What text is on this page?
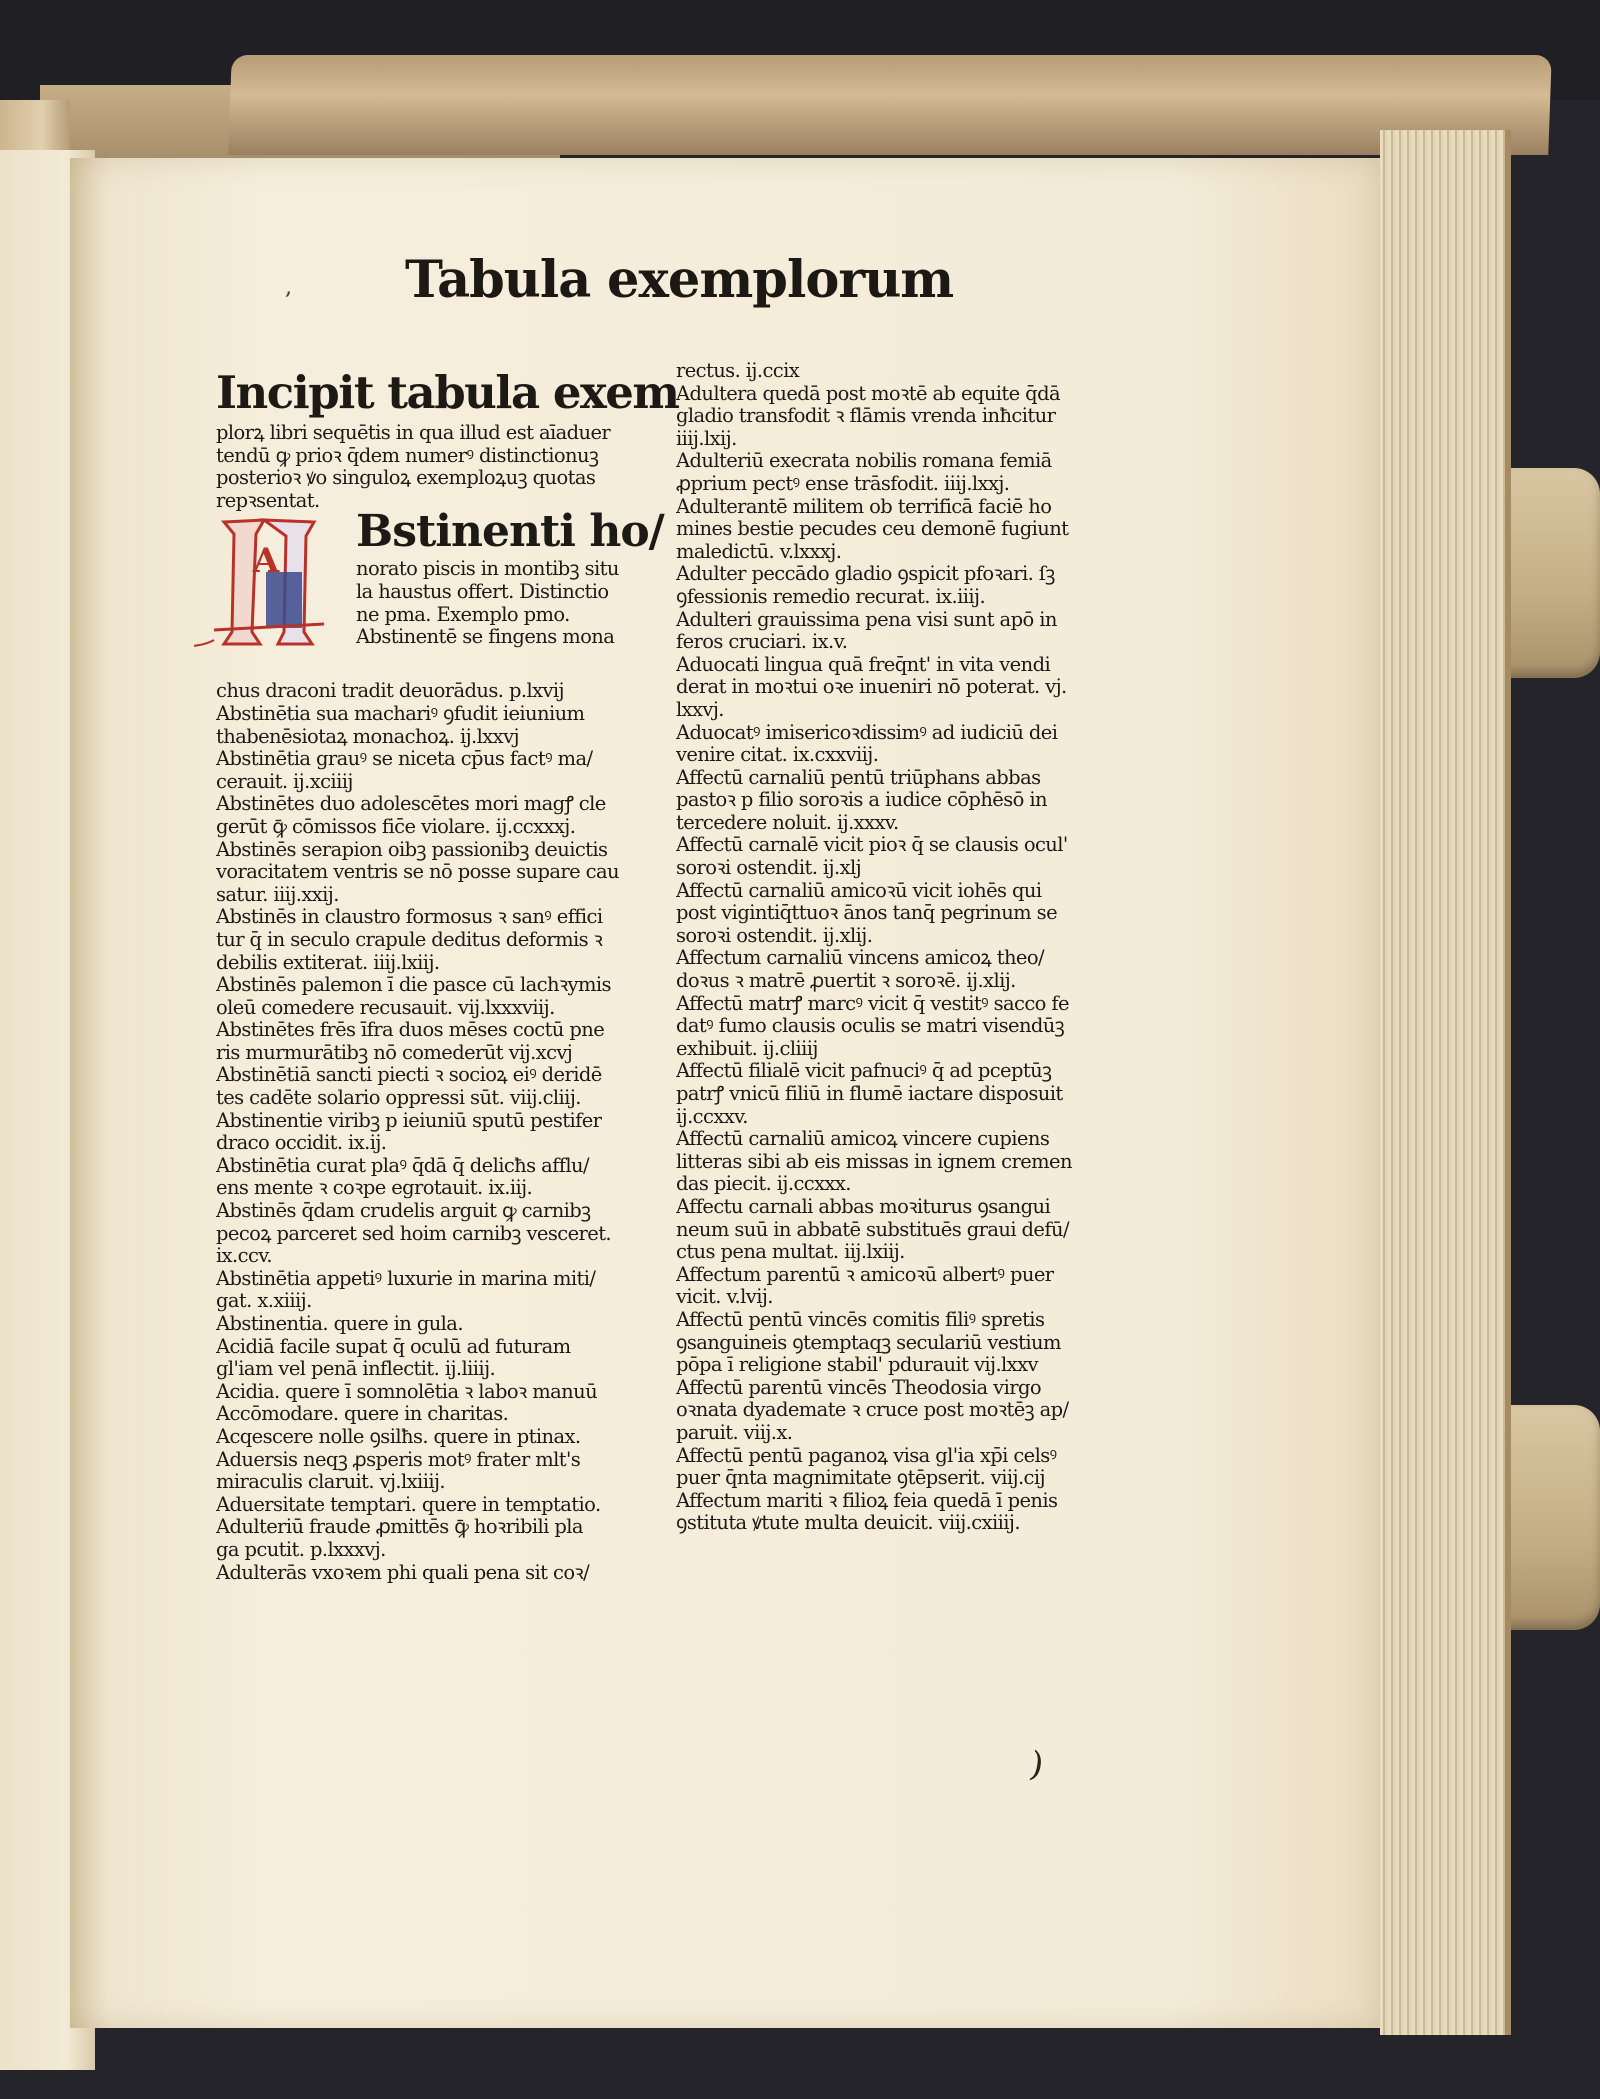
, Tabula exemplorum
Incipit tabula exem
plorꝝ libri sequētis in qua illud est aīaduer
tendū ꝙ prioꝛ q̄dem numerꝰ distinctionuꝫ
posterioꝛ ꝟo singuloꝝ exemploꝝuꝫ quotas
repꝛsentat.
A
Bstinenti ho/
norato piscis in montibꝫ situ
la haustus offert. Distinctio
ne pma. Exemplo pmo.
Abstinentē se fingens mona
chus draconi tradit deuorādus. p.lxvij
Abstinētia sua machariꝰ ꝯfudit ieiunium
thabenēsiotaꝝ monachoꝝ. ij.lxxvj
Abstinētia grauꝰ se niceta cp̄us factꝰ ma/
cerauit. ij.xciiij
Abstinētes duo adolescētes mori magꝭ cle
gerūt ꝙ̄ cōmissos fic̄e violare. ij.ccxxxj.
Abstinēs serapion oibꝫ passionibꝫ deuictis
voracitatem ventris se nō posse supare cau
satur. iiij.xxij.
Abstinēs in claustro formosus ꝛ sanꝰ effici
tur q̄ in seculo crapule deditus deformis ꝛ
debilis extiterat. iiij.lxiij.
Abstinēs palemon ī die pasce cū lachꝛymis
oleū comedere recusauit. vij.lxxxviij.
Abstinētes frēs īfra duos mēses coctū pne
ris murmurātibꝫ nō comederūt vij.xcvj
Abstinētiā sancti piecti ꝛ socioꝝ eiꝰ deridē
tes cadēte solario oppressi sūt. viij.cliij.
Abstinentie viribꝫ p ieiuniū sputū pestifer
draco occidit. ix.ij.
Abstinētia curat plaꝰ q̄dā q̄ delicħs afflu/
ens mente ꝛ coꝛpe egrotauit. ix.iij.
Abstinēs q̄dam crudelis arguit ꝙ carnibꝫ
pecoꝝ parceret sed hoim carnibꝫ vesceret.
ix.ccv.
Abstinētia appetiꝰ luxurie in marina miti/
gat. x.xiiij.
Abstinentia. quere in gula.
Acidiā facile supat q̄ oculū ad futuram
gl'iam vel penā inflectit. ij.liiij.
Acidia. quere ī somnolētia ꝛ laboꝛ manuū
Accōmodare. quere in charitas.
Acqescere nolle ꝯsilħs. quere in ptinax.
Aduersis neqꝫ ꝓsperis motꝰ frater mlt's
miraculis claruit. vj.lxiiij.
Aduersitate temptari. quere in temptatio.
Adulteriū fraude ꝓmittēs ꝙ̄ hoꝛribili pla
ga pcutit. p.lxxxvj.
Adulterās vxoꝛem phi quali pena sit coꝛ/
rectus. ij.ccix
Adultera quedā post moꝛtē ab equite q̄dā
gladio transfodit ꝛ flāmis vrenda inħcitur
iiij.lxij.
Adulteriū execrata nobilis romana femiā
ꝓprium pectꝰ ense trāsfodit. iiij.lxxj.
Adulterantē militem ob terrificā faciē ho
mines bestie pecudes ceu demonē fugiunt
maledictū. v.lxxxj.
Adulter peccādo gladio ꝯspicit pfoꝛari. ſꝫ
ꝯfessionis remedio recurat. ix.iiij.
Adulteri grauissima pena visi sunt apō in
feros cruciari. ix.v.
Aduocati lingua quā freq̄nt' in vita vendi
derat in moꝛtui oꝛe inueniri nō poterat. vj.
lxxvj.
Aduocatꝰ imisericoꝛdissimꝰ ad iudiciū dei
venire citat. ix.cxxviij.
Affectū carnaliū pentū triūphans abbas
pastoꝛ p filio soroꝛis a iudice cōphēsō in
tercedere noluit. ij.xxxv.
Affectū carnalē vicit pioꝛ q̄ se clausis ocul'
soroꝛi ostendit. ij.xlj
Affectū carnaliū amicoꝛū vicit iohēs qui
post vigintiq̄ttuoꝛ ānos tanq̄ pegrinum se
soroꝛi ostendit. ij.xlij.
Affectum carnaliū vincens amicoꝝ theo/
doꝛus ꝛ matrē ꝓuertit ꝛ soroꝛē. ij.xlij.
Affectū matrꝭ marcꝰ vicit q̄ vestitꝰ sacco fe
datꝰ fumo clausis oculis se matri visendūꝫ
exhibuit. ij.cliiij
Affectū filialē vicit pafnuciꝰ q̄ ad pceptūꝫ
patrꝭ vnicū filiū in flumē iactare disposuit
ij.ccxxv.
Affectū carnaliū amicoꝝ vincere cupiens
litteras sibi ab eis missas in ignem cremen
das piecit. ij.ccxxx.
Affectu carnali abbas moꝛiturus ꝯsangui
neum suū in abbatē substituēs graui defū/
ctus pena multat. iij.lxiij.
Affectum parentū ꝛ amicoꝛū albertꝰ puer
vicit. v.lvij.
Affectū pentū vincēs comitis filiꝰ spretis
ꝯsanguineis ꝯtemptaqꝫ seculariū vestium
pōpa ī religione stabil' pdurauit vij.lxxv
Affectū parentū vincēs Theodosia virgo
oꝛnata dyademate ꝛ cruce post moꝛtēꝫ ap/
paruit. viij.x.
Affectū pentū paganoꝝ visa gl'ia xp̄i celsꝰ
puer q̄nta magnimitate ꝯtēpserit. viij.cij
Affectum mariti ꝛ filioꝝ feia quedā ī penis
ꝯstituta ꝟtute multa deuicit. viij.cxiiij.
)
